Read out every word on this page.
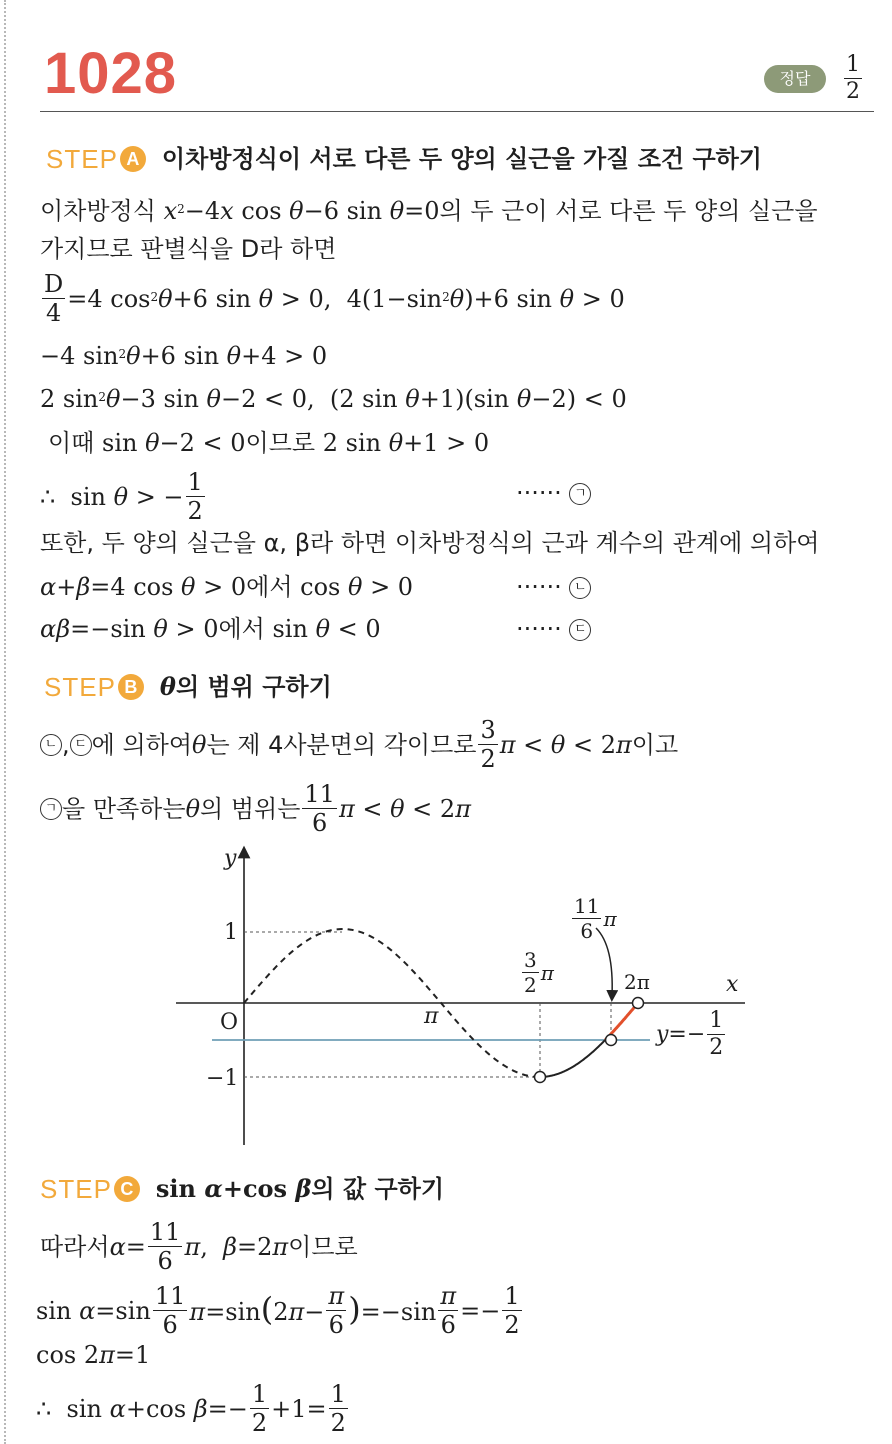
1028	정답	$\frac{1}{2}$
STEP A 이차방정식이 서로 다른 두 양의 실근을 가질 조건 구하기
이차방정식 $x^2-4x$ cos θ−6 sin θ=0의 두 근이 서로 다른 두 양의 실근을
가지므로 판별식을 D라 하면
$\frac{D}{4} =4$ $\cos^2\theta+6$ sin θ > 0,  $4(1-\sin^2\theta)+6$ sin θ > 0
−4 $\sin^2\theta+6$ sin θ+4 > 0
2 $\sin^2\theta-3$ sin θ−2 < 0,  (2 sin θ+1)(sin θ−2) < 0
이때 sin θ−2 < 0이므로 2 sin θ+1 > 0
∴  sin θ > − $\frac{1}{2}$	······ ㄱ
또한, 두 양의 실근을 α, β라 하면 이차방정식의 근과 계수의 관계에 의하여
α+β=4 cos θ > 0에서 cos θ > 0	······ ㄴ
αβ=−sin θ > 0에서 sin θ < 0	······ ㄷ
STEP B θ 의 범위 구하기
ㄴ , ㄷ 에 의하여 θ 는 제 4사분면의 각이므로 $\frac{3}{2}$ π < θ < 2π 이고
ㄱ 을 만족하는 θ 의 범위는 $\frac{11}{6}$ π < θ < 2π
y
x
O
1
−1
π
$\frac{3}{2}$ π
$\frac{11}{6}$ π
2π
$y=- \frac{1}{2}$
STEP C sin α+cos β 의 값 구하기
따라서 $\alpha= \frac{11}{6} \pi$,  β=2π 이므로
$\sin \alpha=\sin \frac{11}{6} \pi=\sin(2\pi- \frac{\pi}{6} )=-\sin \frac{\pi}{6} =- \frac{1}{2}$
cos 2π=1
∴  sin α+cos $\beta=- \frac{1}{2} +1= \frac{1}{2}$
